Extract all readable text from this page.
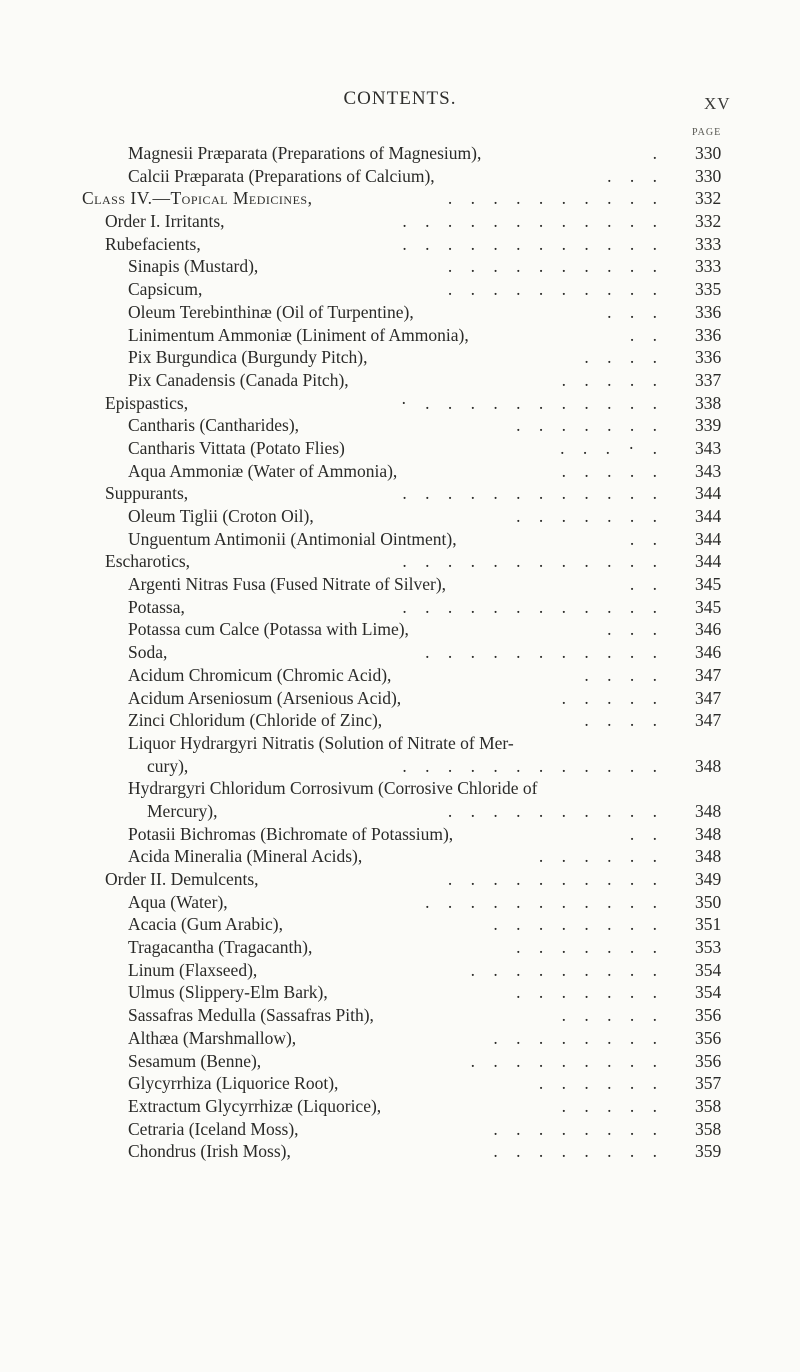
CONTENTS.	XV
PAGE
Magnesii Præparata (Preparations of Magnesium),	. 330
Calcii Præparata (Preparations of Calcium),	. . . 330
Class IV.—Topical Medicines,	. . . . . . . . . . 332
Order I. Irritants,	. . . . . . . . . . . . 332
Rubefacients,	. . . . . . . . . . . . 333
Sinapis (Mustard),	. . . . . . . . . . 333
Capsicum,	. . . . . . . . . . 335
Oleum Terebinthinæ (Oil of Turpentine),	. . . 336
Linimentum Ammoniæ (Liniment of Ammonia),	. . 336
Pix Burgundica (Burgundy Pitch),	. . . . 336
Pix Canadensis (Canada Pitch),	. . . . . 337
Epispastics,	· . . . . . . . . . . . 338
Cantharis (Cantharides),	. . . . . . . 339
Cantharis Vittata (Potato Flies)	. . . · . 343
Aqua Ammoniæ (Water of Ammonia),	. . . . . 343
Suppurants,	. . . . . . . . . . . . 344
Oleum Tiglii (Croton Oil),	. . . . . . . 344
Unguentum Antimonii (Antimonial Ointment),	. . 344
Escharotics,	. . . . . . . . . . . . 344
Argenti Nitras Fusa (Fused Nitrate of Silver),	. . 345
Potassa,	. . . . . . . . . . . . 345
Potassa cum Calce (Potassa with Lime),	. . . 346
Soda,	. . . . . . . . . . . 346
Acidum Chromicum (Chromic Acid),	. . . . 347
Acidum Arseniosum (Arsenious Acid),	. . . . . 347
Zinci Chloridum (Chloride of Zinc),	. . . . 347
Liquor Hydrargyri Nitratis (Solution of Nitrate of Mer-
cury),	. . . . . . . . . . . . 348
Hydrargyri Chloridum Corrosivum (Corrosive Chloride of
Mercury),	. . . . . . . . . . 348
Potasii Bichromas (Bichromate of Potassium),	. . 348
Acida Mineralia (Mineral Acids),	. . . . . . 348
Order II. Demulcents,	. . . . . . . . . . 349
Aqua (Water),	. . . . . . . . . . . 350
Acacia (Gum Arabic),	. . . . . . . . 351
Tragacantha (Tragacanth),	. . . . . . . 353
Linum (Flaxseed),	. . . . . . . . . 354
Ulmus (Slippery-Elm Bark),	. . . . . . . 354
Sassafras Medulla (Sassafras Pith),	. . . . . 356
Althæa (Marshmallow),	. . . . . . . . 356
Sesamum (Benne),	. . . . . . . . . 356
Glycyrrhiza (Liquorice Root),	. . . . . . 357
Extractum Glycyrrhizæ (Liquorice),	. . . . . 358
Cetraria (Iceland Moss),	. . . . . . . . 358
Chondrus (Irish Moss),	. . . . . . . . 359
